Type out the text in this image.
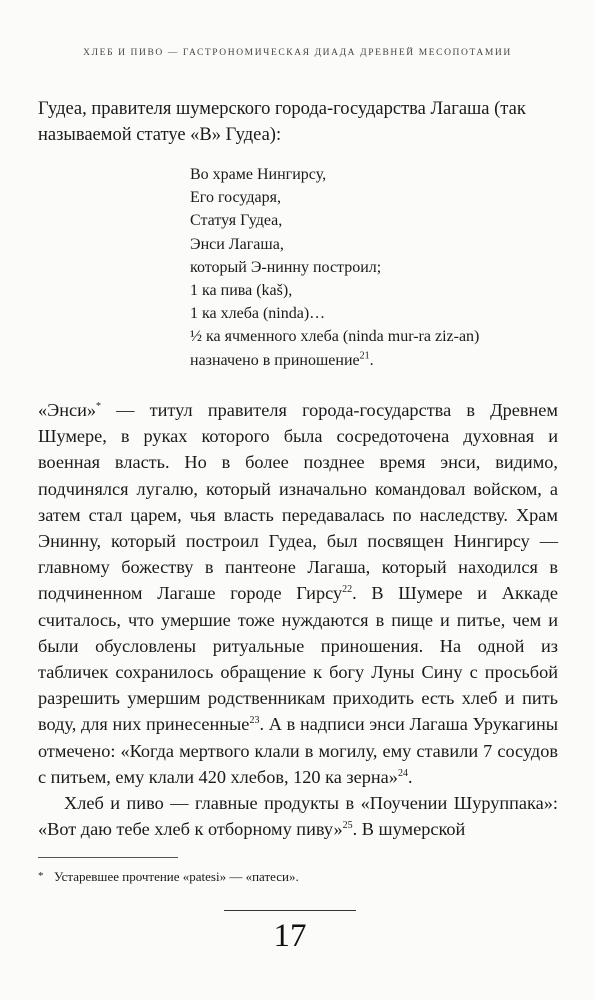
ХЛЕБ И ПИВО — ГАСТРОНОМИЧЕСКАЯ ДИАДА ДРЕВНЕЙ МЕСОПОТАМИИ

Гудеа, правителя шумерского города-государства Лагаша (так называемой статуе «В» Гудеа):

Во храме Нингирсу,
Его государя,
Статуя Гудеа,
Энси Лагаша,
который Э-нинну построил;
1 ка пива (kaš),
1 ка хлеба (ninda)…
½ ка ячменного хлеба (ninda mur-ra ziz-an)
назначено в приношение$^{21}$.

«Энси»* — титул правителя города-государства в Древнем Шумере, в руках которого была сосредоточена духовная и военная власть. Но в более позднее время энси, видимо, подчинялся лугалю, который изначально командовал войском, а затем стал царем, чья власть передавалась по наследству. Храм Энинну, который построил Гудеа, был посвящен Нингирсу — главному божеству в пантеоне Лагаша, который находился в подчиненном Лагаше городе Гирсу$^{22}$. В Шумере и Аккаде считалось, что умершие тоже нуждаются в пище и питье, чем и были обусловлены ритуальные приношения. На одной из табличек сохранилось обращение к богу Луны Сину с просьбой разрешить умершим родственникам приходить есть хлеб и пить воду, для них принесенные$^{23}$. А в надписи энси Лагаша Урукагины отмечено: «Когда мертвого клали в могилу, ему ставили 7 сосудов с питьем, ему клали 420 хлебов, 120 ка зерна»$^{24}$.

Хлеб и пиво — главные продукты в «Поучении Шуруппака»: «Вот даю тебе хлеб к отборному пиву»$^{25}$. В шумерской

* Устаревшее прочтение «patesi» — «патеси».
17
